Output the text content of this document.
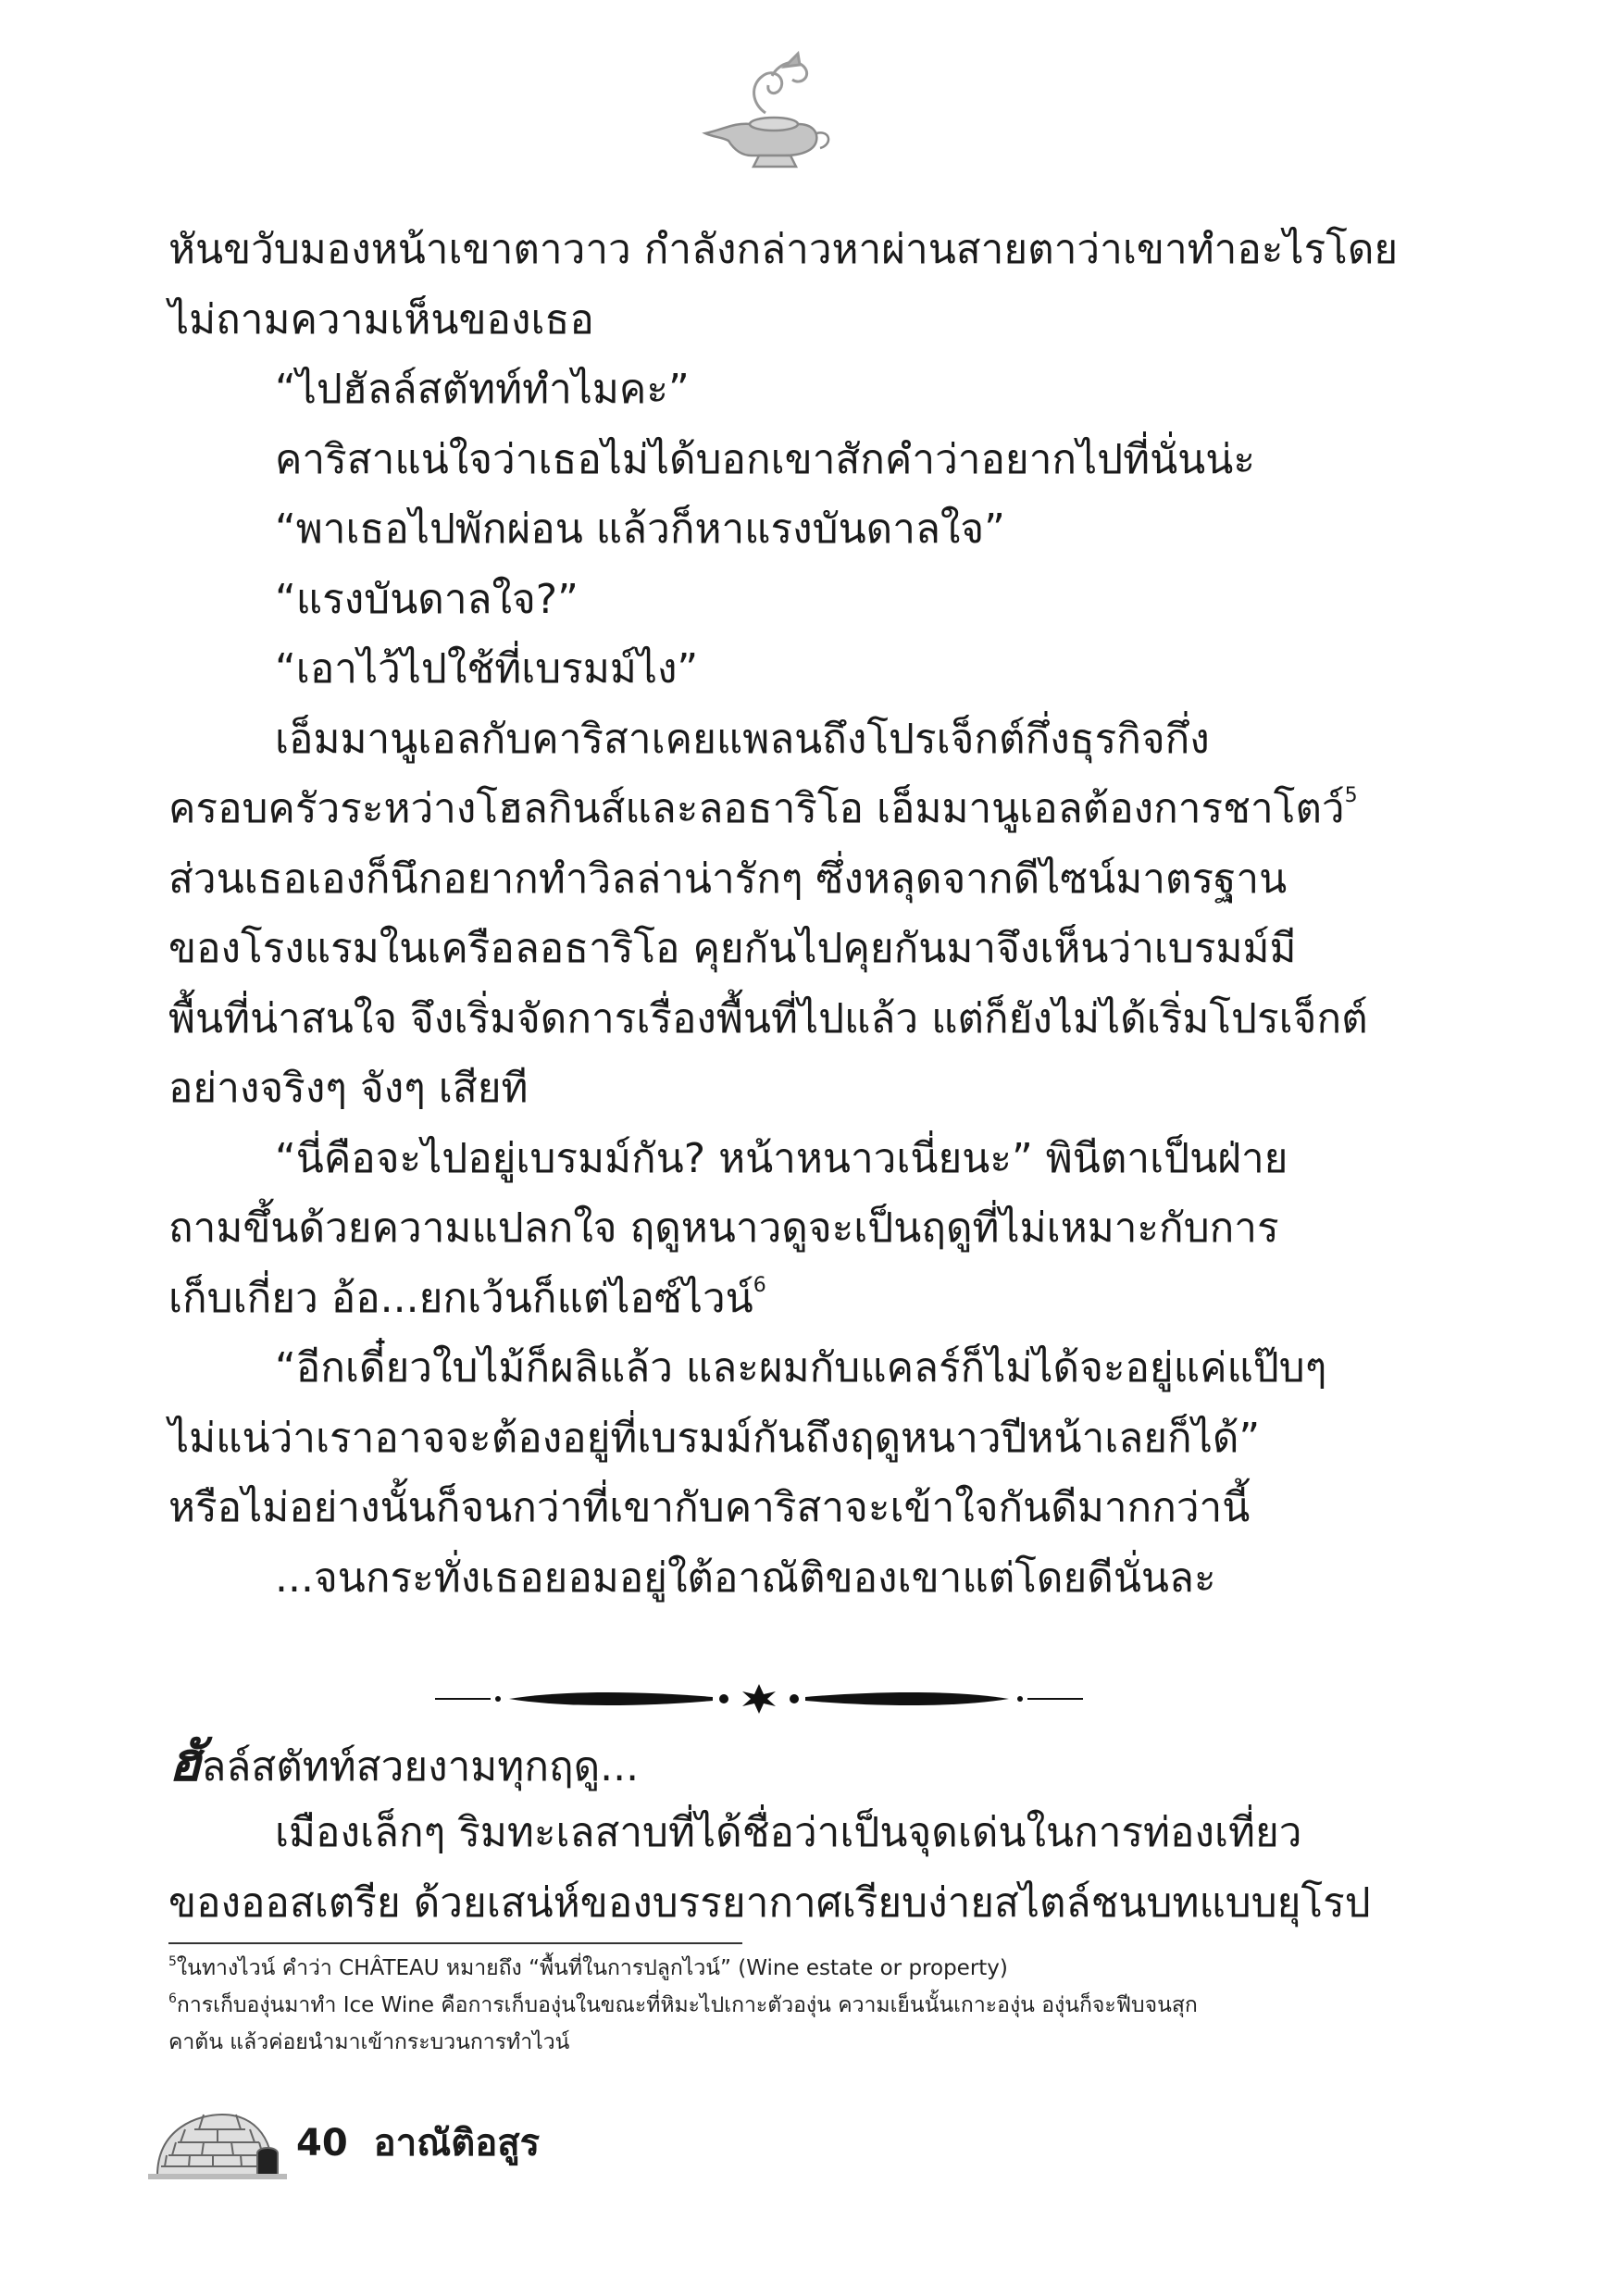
หันขวับมองหน้าเขาตาวาว กำลังกล่าวหาผ่านสายตาว่าเขาทำอะไรโดย

ไม่ถามความเห็นของเธอ

“ไปฮัลล์สตัทท์ทำไมคะ”

คาริสาแน่ใจว่าเธอไม่ได้บอกเขาสักคำว่าอยากไปที่นั่นน่ะ

“พาเธอไปพักผ่อน แล้วก็หาแรงบันดาลใจ”

“แรงบันดาลใจ?”

“เอาไว้ไปใช้ที่เบรมม์ไง”

เอ็มมานูเอลกับคาริสาเคยแพลนถึงโปรเจ็กต์กึ่งธุรกิจกึ่ง

ครอบครัวระหว่างโฮลกินส์และลอธาริโอ เอ็มมานูเอลต้องการชาโตว์$^5$

ส่วนเธอเองก็นึกอยากทำวิลล่าน่ารักๆ ซึ่งหลุดจากดีไซน์มาตรฐาน

ของโรงแรมในเครือลอธาริโอ คุยกันไปคุยกันมาจึงเห็นว่าเบรมม์มี

พื้นที่น่าสนใจ จึงเริ่มจัดการเรื่องพื้นที่ไปแล้ว แต่ก็ยังไม่ได้เริ่มโปรเจ็กต์

อย่างจริงๆ จังๆ เสียที

“นี่คือจะไปอยู่เบรมม์กัน? หน้าหนาวเนี่ยนะ” พินีตาเป็นฝ่าย

ถามขึ้นด้วยความแปลกใจ ฤดูหนาวดูจะเป็นฤดูที่ไม่เหมาะกับการ

เก็บเกี่ยว อ้อ...ยกเว้นก็แต่ไอซ์ไวน์$^6$

“อีกเดี๋ยวใบไม้ก็ผลิแล้ว และผมกับแคลร์ก็ไม่ได้จะอยู่แค่แป๊บๆ

ไม่แน่ว่าเราอาจจะต้องอยู่ที่เบรมม์กันถึงฤดูหนาวปีหน้าเลยก็ได้”

หรือไม่อย่างนั้นก็จนกว่าที่เขากับคาริสาจะเข้าใจกันดีมากกว่านี้

...จนกระทั่งเธอยอมอยู่ใต้อาณัติของเขาแต่โดยดีนั่นละ

ฮัลล์สตัทท์สวยงามทุกฤดู...

เมืองเล็กๆ ริมทะเลสาบที่ได้ชื่อว่าเป็นจุดเด่นในการท่องเที่ยว

ของออสเตรีย ด้วยเสน่ห์ของบรรยากาศเรียบง่ายสไตล์ชนบทแบบยุโรป

$^5$ในทางไวน์ คำว่า CHÂTEAU หมายถึง “พื้นที่ในการปลูกไวน์” (Wine estate or property)

$^6$การเก็บองุ่นมาทำ Ice Wine คือการเก็บองุ่นในขณะที่หิมะไปเกาะตัวองุ่น ความเย็นนั้นเกาะองุ่น องุ่นก็จะฟีบจนสุก

คาต้น แล้วค่อยนำมาเข้ากระบวนการทำไวน์

40 อาณัติอสูร
